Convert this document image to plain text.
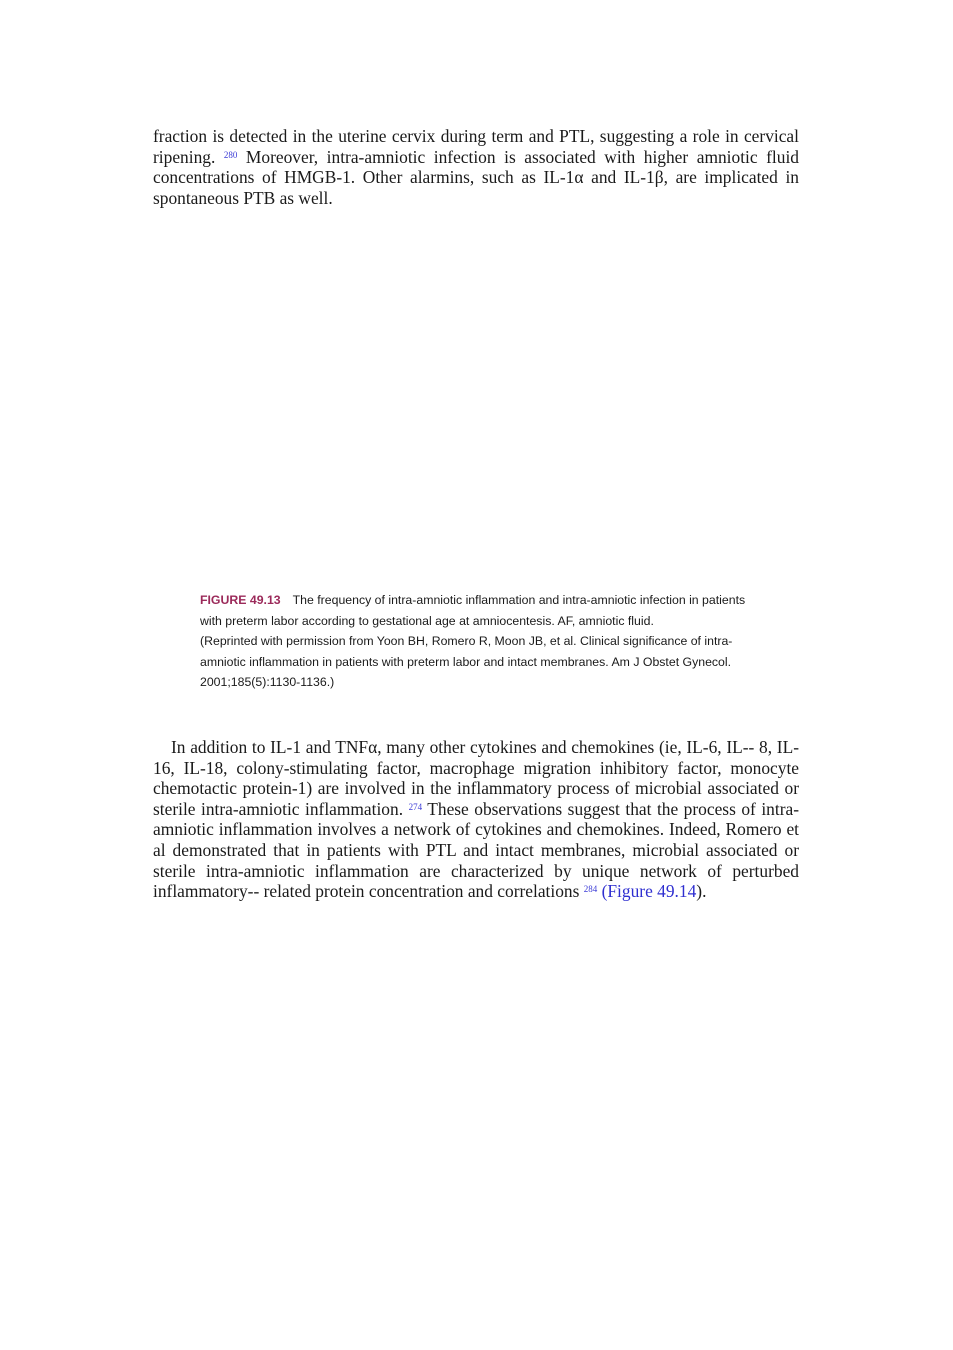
fraction is detected in the uterine cervix during term and PTL, suggesting a role in cervical ripening. $^{280}$ Moreover, intra-amniotic infection is associated with higher amniotic fluid concentrations of HMGB-1. Other alarmins, such as IL-1α and IL-1β, are implicated in spontaneous PTB as well.

FIGURE 49.13 The frequency of intra-amniotic inflammation and intra-amniotic infection in patients with preterm labor according to gestational age at amniocentesis. AF, amniotic fluid.

(Reprinted with permission from Yoon BH, Romero R, Moon JB, et al. Clinical significance of intra-amniotic inflammation in patients with preterm labor and intact membranes. Am J Obstet Gynecol. 2001;185(5):1130-1136.)

In addition to IL-1 and TNFα, many other cytokines and chemokines (ie, IL-6, IL-- 8, IL-16, IL-18, colony-stimulating factor, macrophage migration inhibitory factor, monocyte chemotactic protein-1) are involved in the inflammatory process of microbial associated or sterile intra-amniotic inflammation. $^{274}$ These observations suggest that the process of intra-amniotic inflammation involves a network of cytokines and chemokines. Indeed, Romero et al demonstrated that in patients with PTL and intact membranes, microbial associated or sterile intra-amniotic inflammation are characterized by unique network of perturbed inflammatory-- related protein concentration and correlations $^{284}$ (Figure 49.14).
